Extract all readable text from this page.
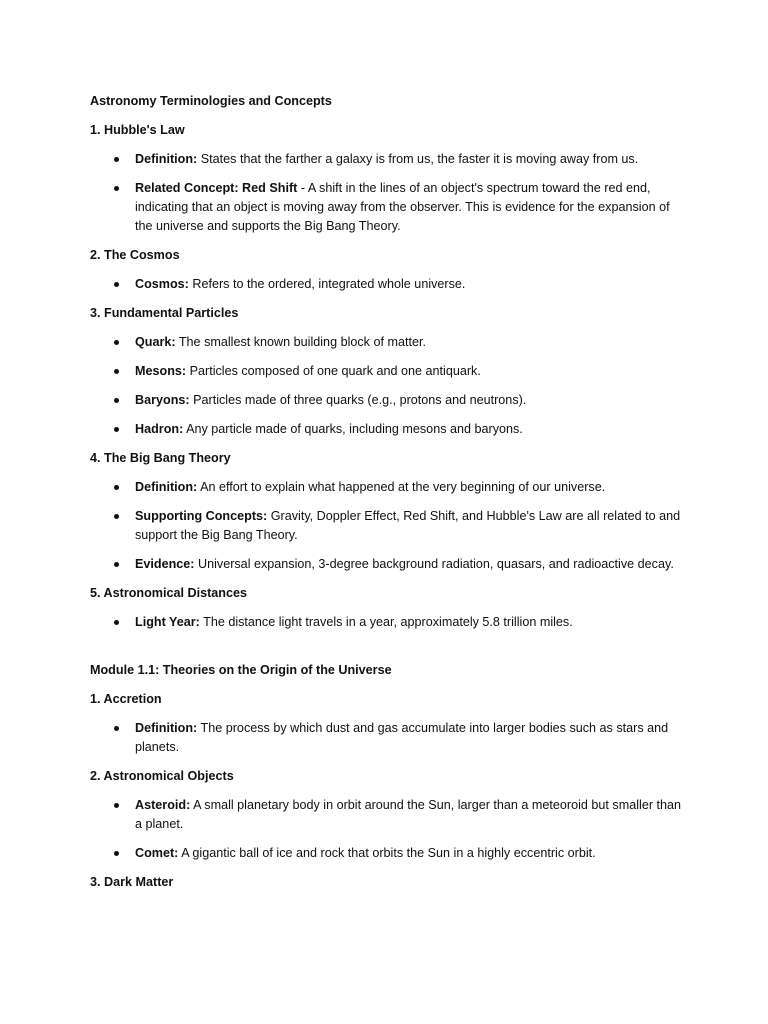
Astronomy Terminologies and Concepts
1. Hubble's Law
Definition: States that the farther a galaxy is from us, the faster it is moving away from us.
Related Concept: Red Shift - A shift in the lines of an object's spectrum toward the red end, indicating that an object is moving away from the observer. This is evidence for the expansion of the universe and supports the Big Bang Theory.
2. The Cosmos
Cosmos: Refers to the ordered, integrated whole universe.
3. Fundamental Particles
Quark: The smallest known building block of matter.
Mesons: Particles composed of one quark and one antiquark.
Baryons: Particles made of three quarks (e.g., protons and neutrons).
Hadron: Any particle made of quarks, including mesons and baryons.
4. The Big Bang Theory
Definition: An effort to explain what happened at the very beginning of our universe.
Supporting Concepts: Gravity, Doppler Effect, Red Shift, and Hubble's Law are all related to and support the Big Bang Theory.
Evidence: Universal expansion, 3-degree background radiation, quasars, and radioactive decay.
5. Astronomical Distances
Light Year: The distance light travels in a year, approximately 5.8 trillion miles.
Module 1.1: Theories on the Origin of the Universe
1. Accretion
Definition: The process by which dust and gas accumulate into larger bodies such as stars and planets.
2. Astronomical Objects
Asteroid: A small planetary body in orbit around the Sun, larger than a meteoroid but smaller than a planet.
Comet: A gigantic ball of ice and rock that orbits the Sun in a highly eccentric orbit.
3. Dark Matter
